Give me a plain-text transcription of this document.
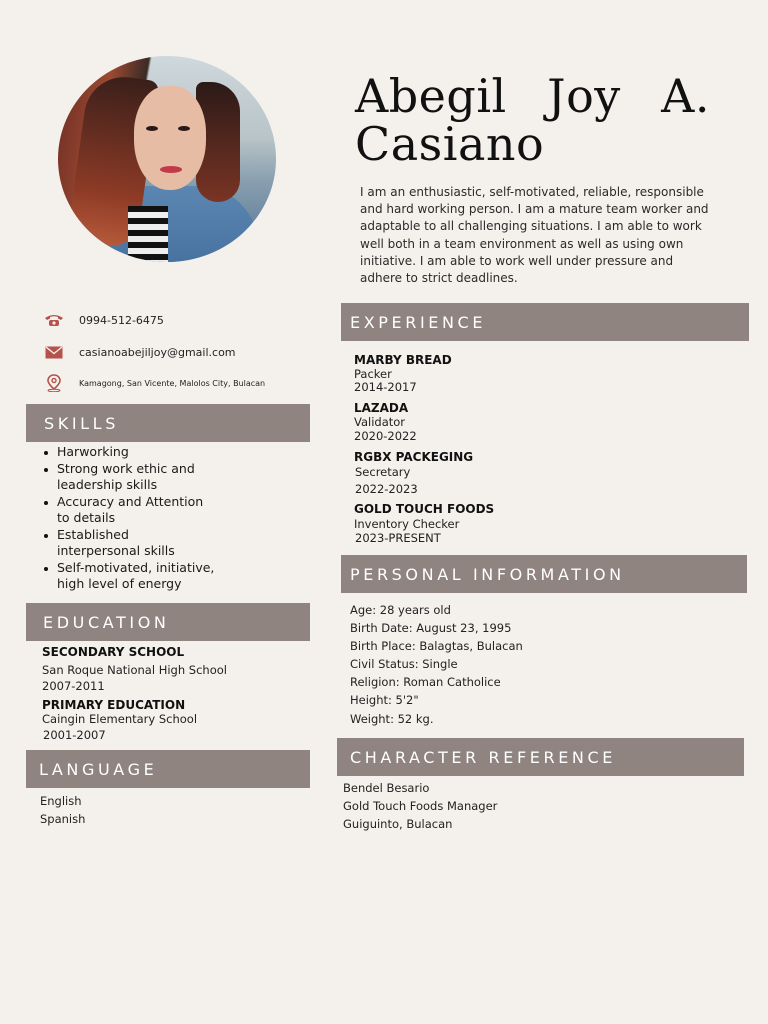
Abegil Joy A.
Casiano

I am an enthusiastic, self-motivated, reliable, responsible and hard working person. I am a mature team worker and adaptable to all challenging situations. I am able to work well both in a team environment as well as using own initiative. I am able to work well under pressure and adhere to strict deadlines.

0994-512-6475
casianoabejiljoy@gmail.com
Kamagong, San Vicente, Malolos City, Bulacan
SKILLS
Harworking
Strong work ethic and
leadership skills
Accuracy and Attention
to details
Established
interpersonal skills
Self-motivated, initiative,
high level of energy
EDUCATION
SECONDARY SCHOOL
San Roque National High School
2007-2011
PRIMARY EDUCATION
Caingin Elementary School
2001-2007
LANGUAGE
English
Spanish
EXPERIENCE
MARBY BREAD
Packer
2014-2017
LAZADA
Validator
2020-2022
RGBX PACKEGING
Secretary
2022-2023
GOLD TOUCH FOODS
Inventory Checker
2023-PRESENT
PERSONAL INFORMATION
Age: 28 years old
Birth Date: August 23, 1995
Birth Place: Balagtas, Bulacan
Civil Status: Single
Religion: Roman Catholice
Height: 5'2"
Weight: 52 kg.
CHARACTER REFERENCE
Bendel Besario
Gold Touch Foods Manager
Guiguinto, Bulacan
